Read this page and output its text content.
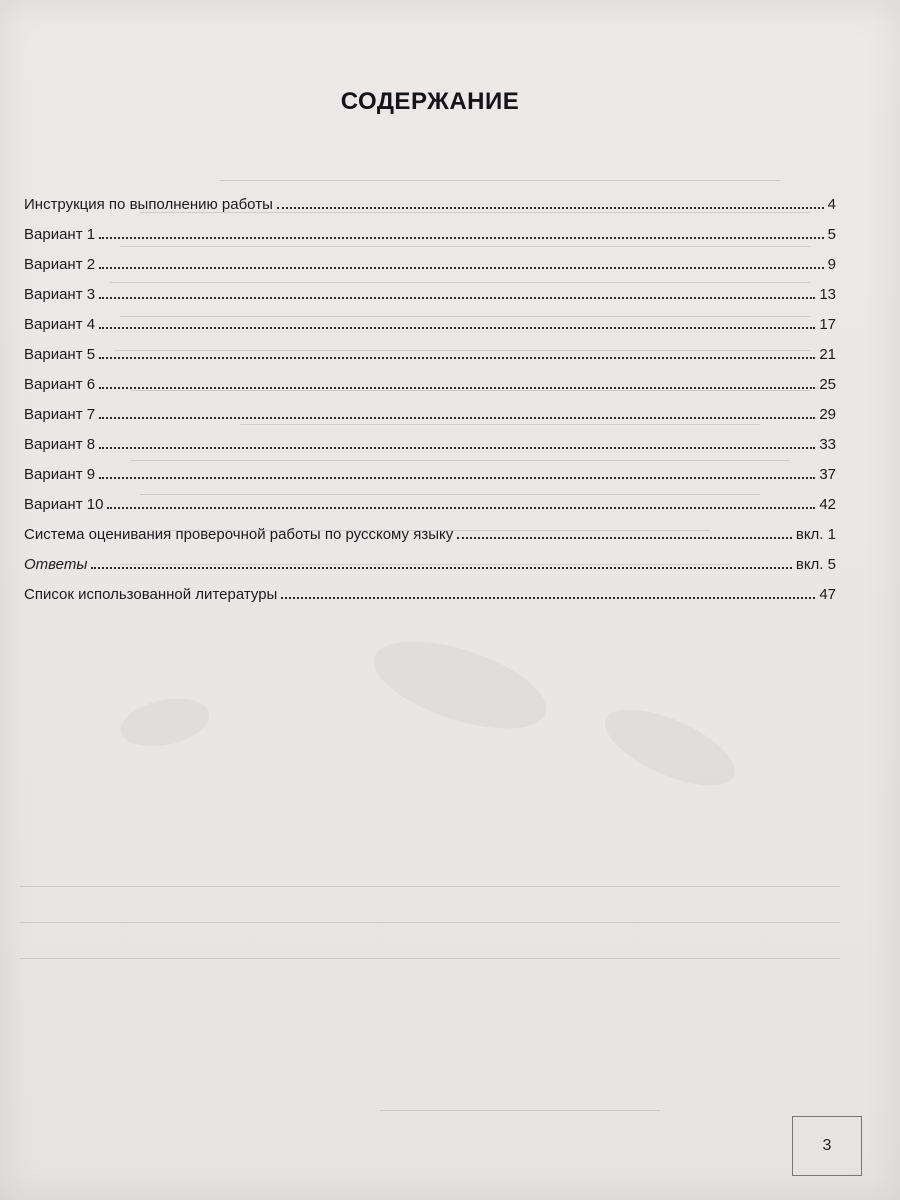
СОДЕРЖАНИЕ
Инструкция по выполнению работы	4
Вариант 1	5
Вариант 2	9
Вариант 3	13
Вариант 4	17
Вариант 5	21
Вариант 6	25
Вариант 7	29
Вариант 8	33
Вариант 9	37
Вариант 10	42
Система оценивания проверочной работы по русскому языку	вкл. 1
Ответы	вкл. 5
Список использованной литературы	47
3
